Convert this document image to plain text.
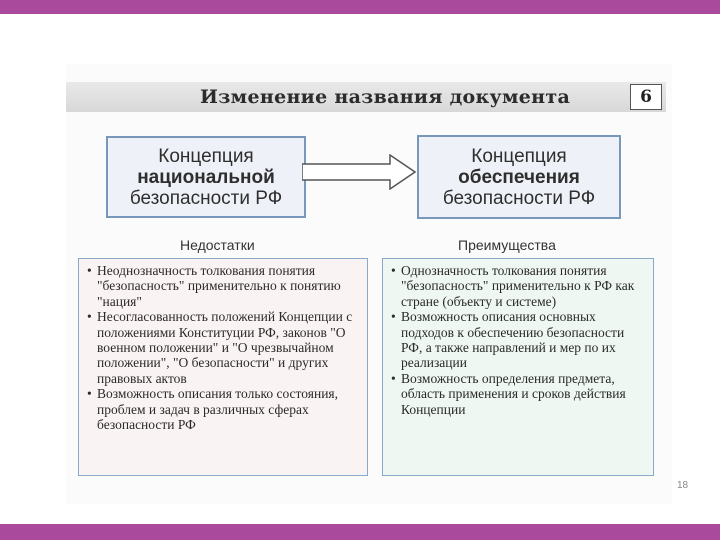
Изменение названия документа	6
Концепция
национальной
безопасности РФ
Концепция
обеспечения
безопасности РФ
Недостатки	Преимущества
• Неоднозначность толкования понятия "безопасность" применительно к понятию "нация"
• Несогласованность положений Концепции с положениями Конституции РФ, законов "О военном положении" и "О чрезвычайном положении", "О безопасности" и других правовых актов
• Возможность описания только состояния, проблем и задач в различных сферах безопасности РФ
• Однозначность толкования понятия "безопасность" применительно к РФ как стране (объекту и системе)
• Возможность описания основных подходов к обеспечению безопасности РФ, а также направлений и мер по их реализации
• Возможность определения предмета, область применения и сроков действия Концепции
18
